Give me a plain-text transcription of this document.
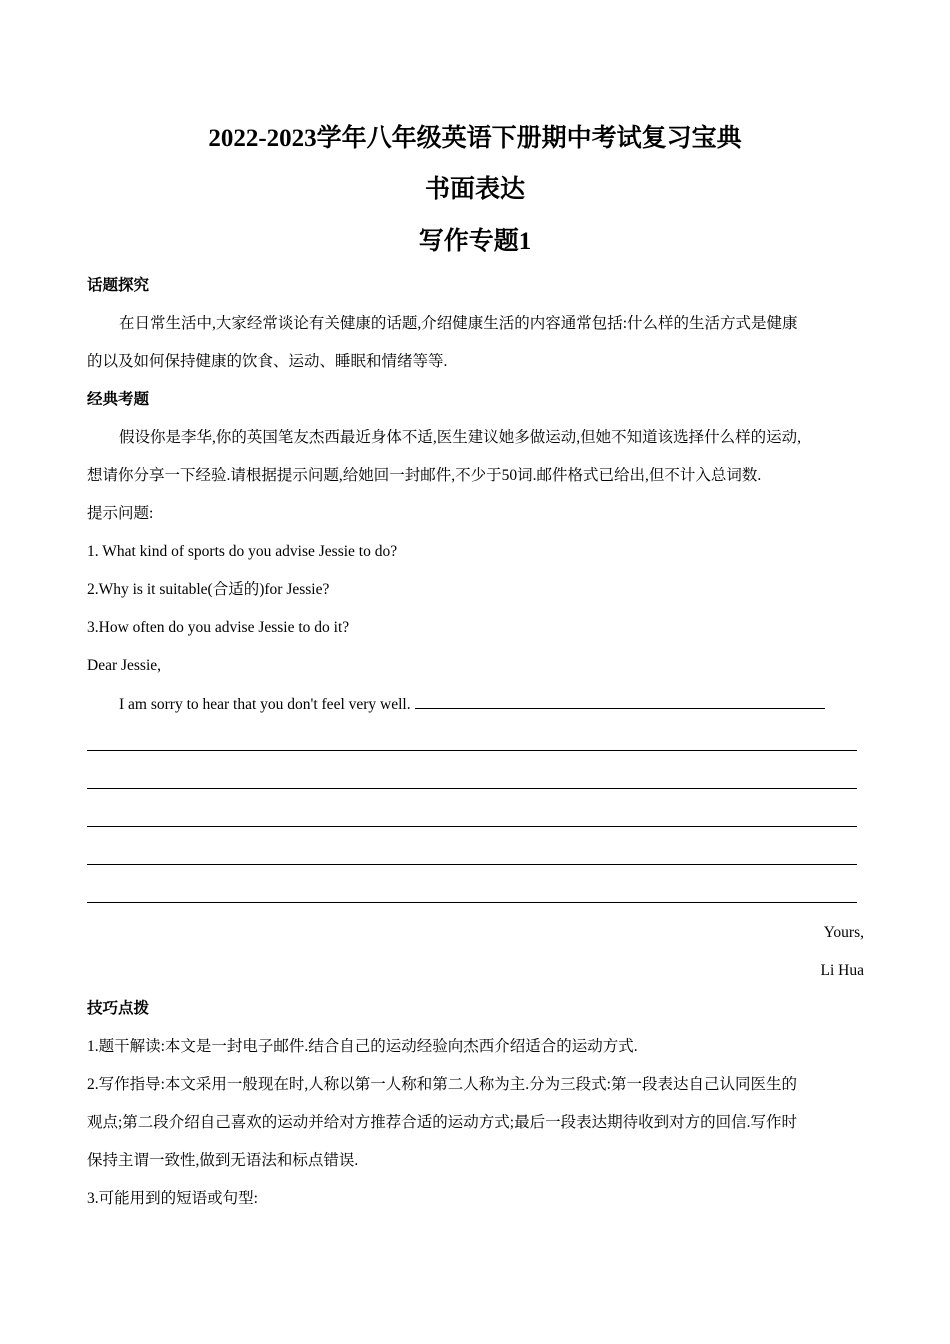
2022-2023学年八年级英语下册期中考试复习宝典
书面表达
写作专题1
话题探究
在日常生活中,大家经常谈论有关健康的话题,介绍健康生活的内容通常包括:什么样的生活方式是健康
的以及如何保持健康的饮食、运动、睡眠和情绪等等.
经典考题
假设你是李华,你的英国笔友杰西最近身体不适,医生建议她多做运动,但她不知道该选择什么样的运动,
想请你分享一下经验.请根据提示问题,给她回一封邮件,不少于50词.邮件格式已给出,但不计入总词数.
提示问题:
1. What kind of sports do you advise Jessie to do?
2.Why is it suitable(合适的)for Jessie?
3.How often do you advise Jessie to do it?
Dear Jessie,
I am sorry to hear that you don't feel very well.
Yours,
Li Hua
技巧点拨
1.题干解读:本文是一封电子邮件.结合自己的运动经验向杰西介绍适合的运动方式.
2.写作指导:本文采用一般现在时,人称以第一人称和第二人称为主.分为三段式:第一段表达自己认同医生的
观点;第二段介绍自己喜欢的运动并给对方推荐合适的运动方式;最后一段表达期待收到对方的回信.写作时
保持主谓一致性,做到无语法和标点错误.
3.可能用到的短语或句型:
